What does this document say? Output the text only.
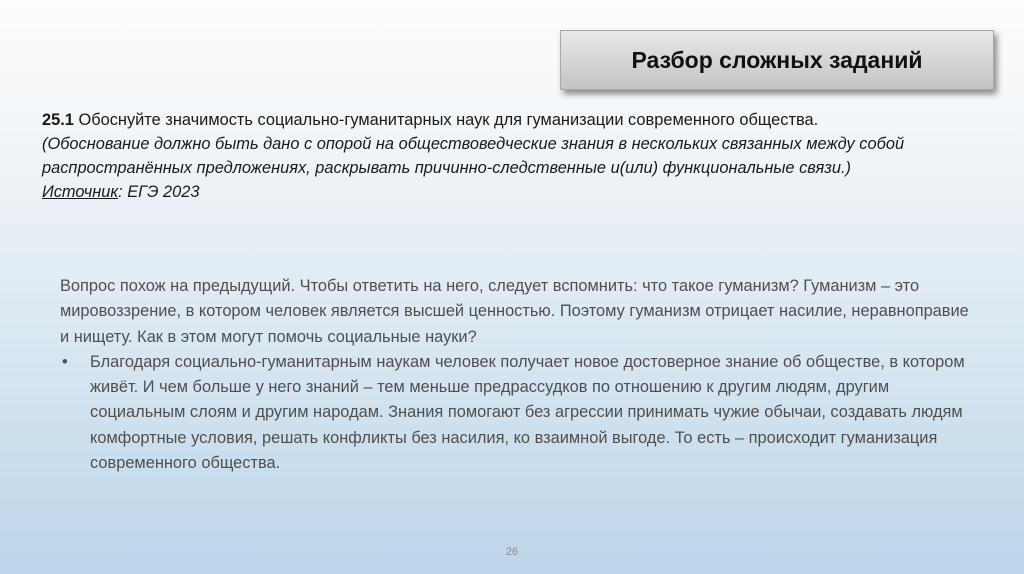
Разбор сложных заданий
25.1 Обоснуйте значимость социально-гуманитарных наук для гуманизации современного общества.
(Обоснование должно быть дано с опорой на обществоведческие знания в нескольких связанных между собой распространённых предложениях, раскрывать причинно-следственные и(или) функциональные связи.)
Источник: ЕГЭ 2023

Вопрос похож на предыдущий. Чтобы ответить на него, следует вспомнить: что такое гуманизм? Гуманизм – это мировоззрение, в котором человек является высшей ценностью. Поэтому гуманизм отрицает насилие, неравноправие и нищету. Как в этом могут помочь социальные науки?

•	Благодаря социально-гуманитарным наукам человек получает новое достоверное знание об обществе, в котором живёт. И чем больше у него знаний – тем меньше предрассудков по отношению к другим людям, другим социальным слоям и другим народам. Знания помогают без агрессии принимать чужие обычаи, создавать людям комфортные условия, решать конфликты без насилия, ко взаимной выгоде. То есть – происходит гуманизация современного общества.
26
